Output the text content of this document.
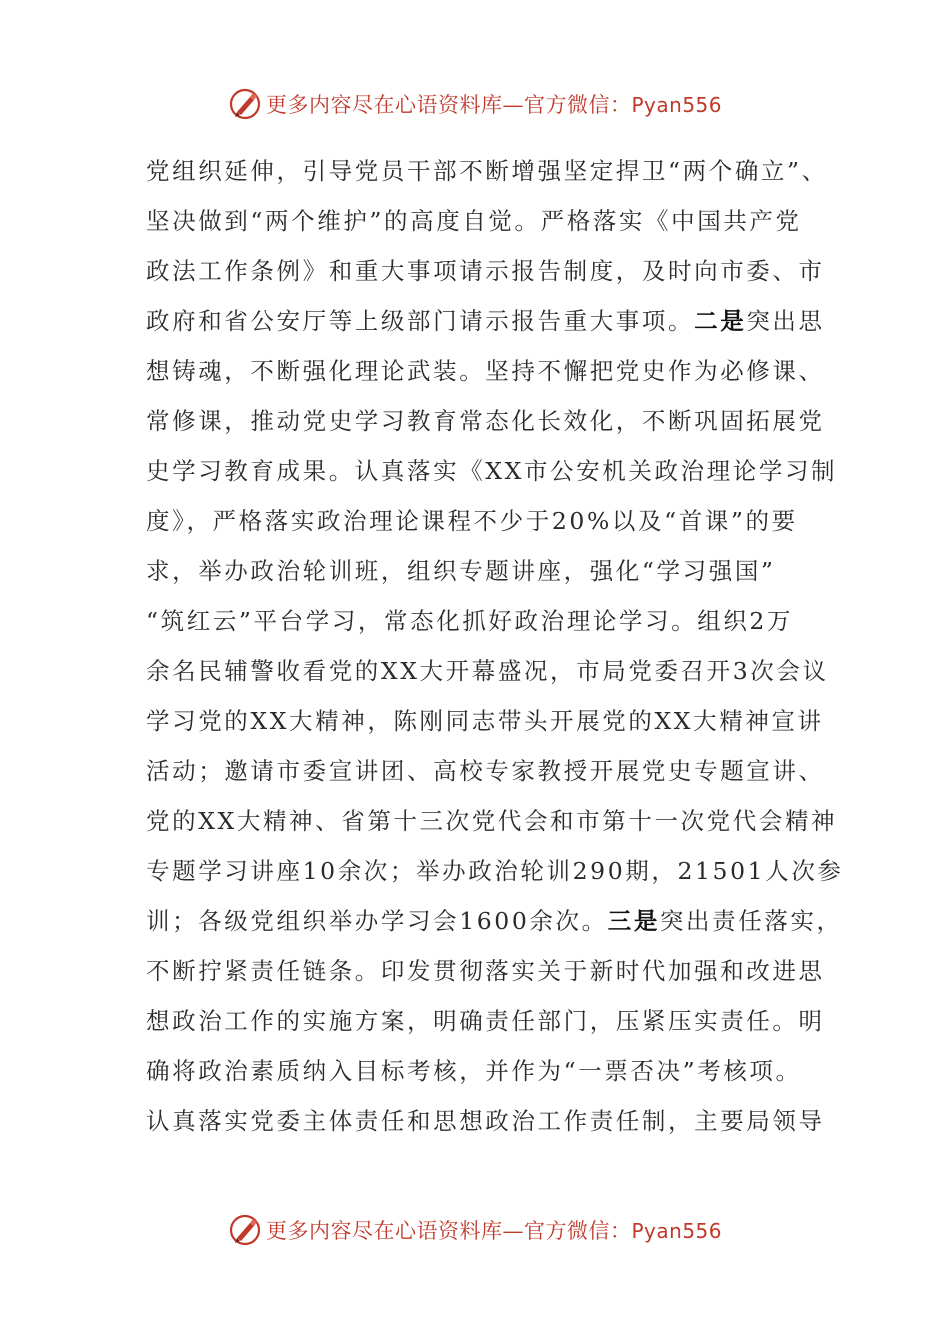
更多内容尽在心语资料库—官方微信：Pyan556
党组织延伸，引导党员干部不断增强坚定捍卫“两个确立”、
坚决做到“两个维护”的高度自觉。严格落实《中国共产党
政法工作条例》和重大事项请示报告制度，及时向市委、市
政府和省公安厅等上级部门请示报告重大事项。二是突出思
想铸魂，不断强化理论武装。坚持不懈把党史作为必修课、
常修课，推动党史学习教育常态化长效化，不断巩固拓展党
史学习教育成果。认真落实《XX市公安机关政治理论学习制
度》，严格落实政治理论课程不少于20%以及“首课”的要
求，举办政治轮训班，组织专题讲座，强化“学习强国”
“筑红云”平台学习，常态化抓好政治理论学习。组织2万
余名民辅警收看党的XX大开幕盛况，市局党委召开3次会议
学习党的XX大精神，陈刚同志带头开展党的XX大精神宣讲
活动；邀请市委宣讲团、高校专家教授开展党史专题宣讲、
党的XX大精神、省第十三次党代会和市第十一次党代会精神
专题学习讲座10余次；举办政治轮训290期，21501人次参
训；各级党组织举办学习会1600余次。三是突出责任落实，
不断拧紧责任链条。印发贯彻落实关于新时代加强和改进思
想政治工作的实施方案，明确责任部门，压紧压实责任。明
确将政治素质纳入目标考核，并作为“一票否决”考核项。
认真落实党委主体责任和思想政治工作责任制，主要局领导
更多内容尽在心语资料库—官方微信：Pyan556
